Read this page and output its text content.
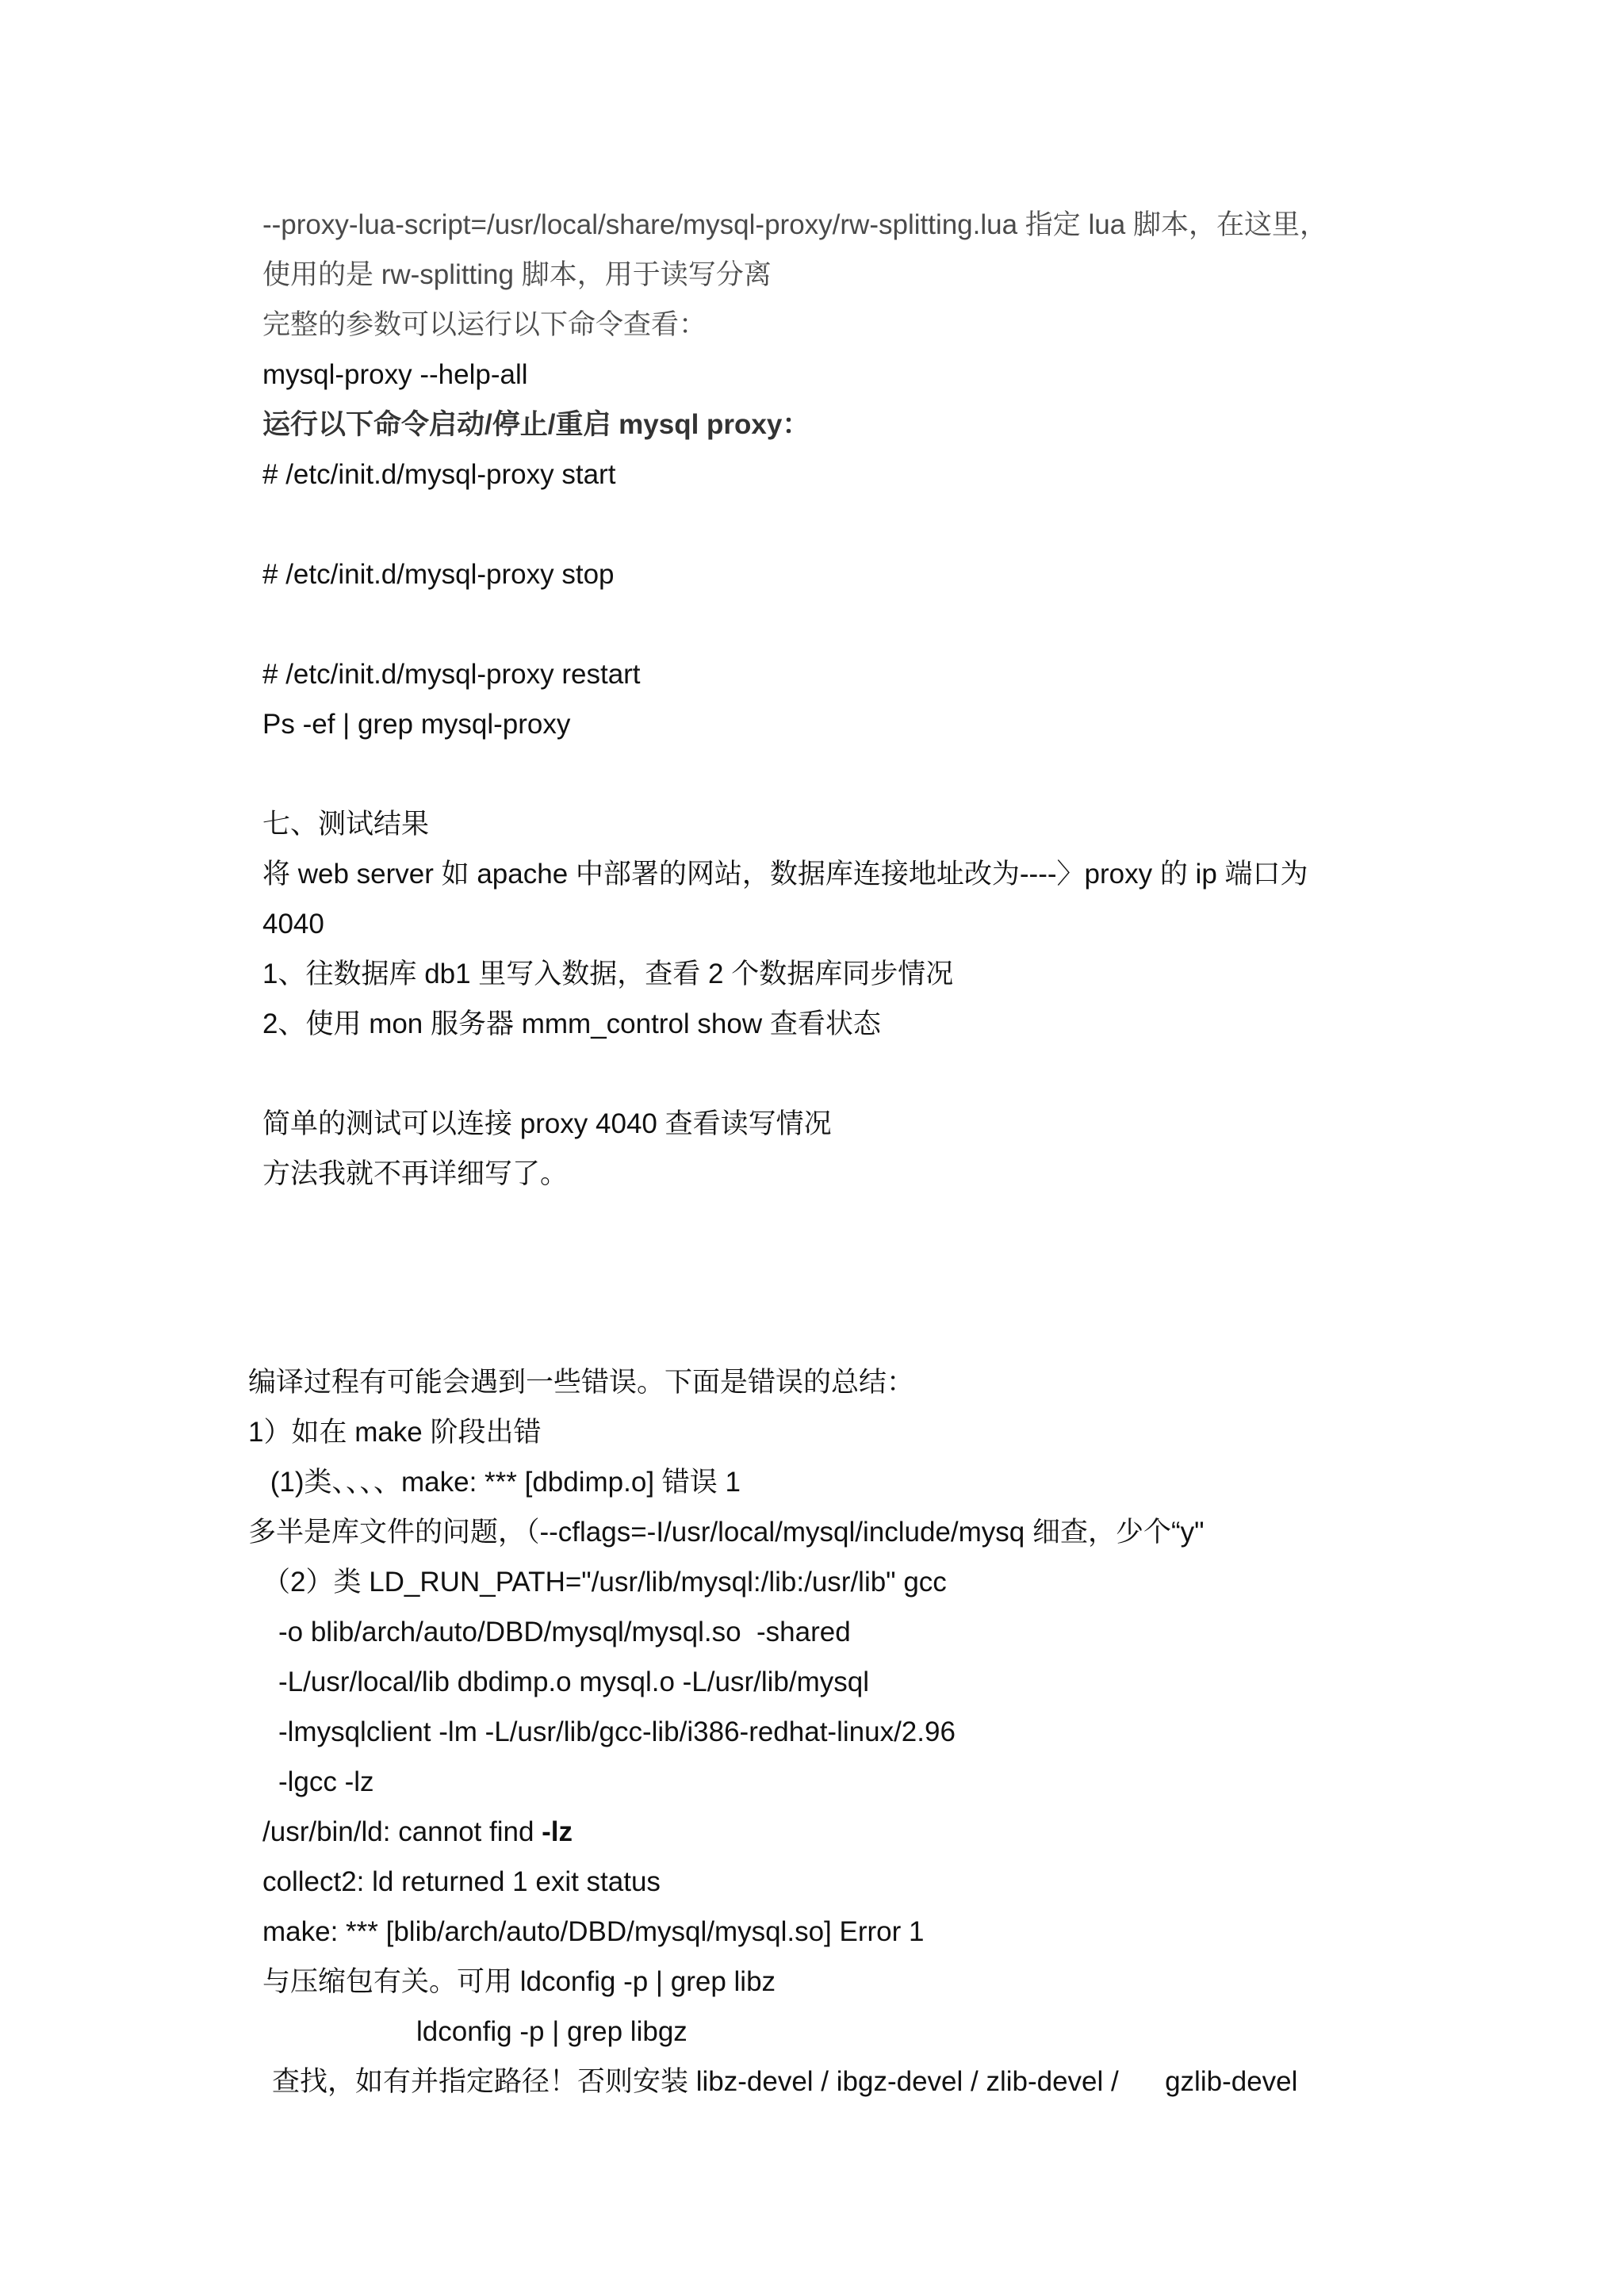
--proxy-lua-script=/usr/local/share/mysql-proxy/rw-splitting.lua 指定 lua 脚本，在这里，
使用的是 rw-splitting 脚本，用于读写分离
完整的参数可以运行以下命令查看：
mysql-proxy --help-all
运行以下命令启动/停止/重启 mysql proxy：
# /etc/init.d/mysql-proxy start
# /etc/init.d/mysql-proxy stop
# /etc/init.d/mysql-proxy restart
Ps -ef | grep mysql-proxy
七、测试结果
将 web server 如 apache 中部署的网站，数据库连接地址改为----〉proxy 的 ip 端口为
4040
1、往数据库 db1 里写入数据，查看 2 个数据库同步情况
2、使用 mon 服务器 mmm_control show 查看状态
简单的测试可以连接 proxy 4040 查看读写情况
方法我就不再详细写了。
编译过程有可能会遇到一些错误。下面是错误的总结：
1）如在 make 阶段出错
(1)类、、、、make: *** [dbdimp.o] 错误 1
多半是库文件的问题，（--cflags=-I/usr/local/mysql/include/mysq 细查，少个“y"
（2）类 LD_RUN_PATH="/usr/lib/mysql:/lib:/usr/lib" gcc
-o blib/arch/auto/DBD/mysql/mysql.so  -shared
-L/usr/local/lib dbdimp.o mysql.o -L/usr/lib/mysql
-lmysqlclient -lm -L/usr/lib/gcc-lib/i386-redhat-linux/2.96
-lgcc -lz
/usr/bin/ld: cannot find -lz
collect2: ld returned 1 exit status
make: *** [blib/arch/auto/DBD/mysql/mysql.so] Error 1
与压缩包有关。可用 ldconfig -p | grep libz
ldconfig -p | grep libgz
查找，如有并指定路径！否则安装 libz-devel / ibgz-devel / zlib-devel /      gzlib-devel
